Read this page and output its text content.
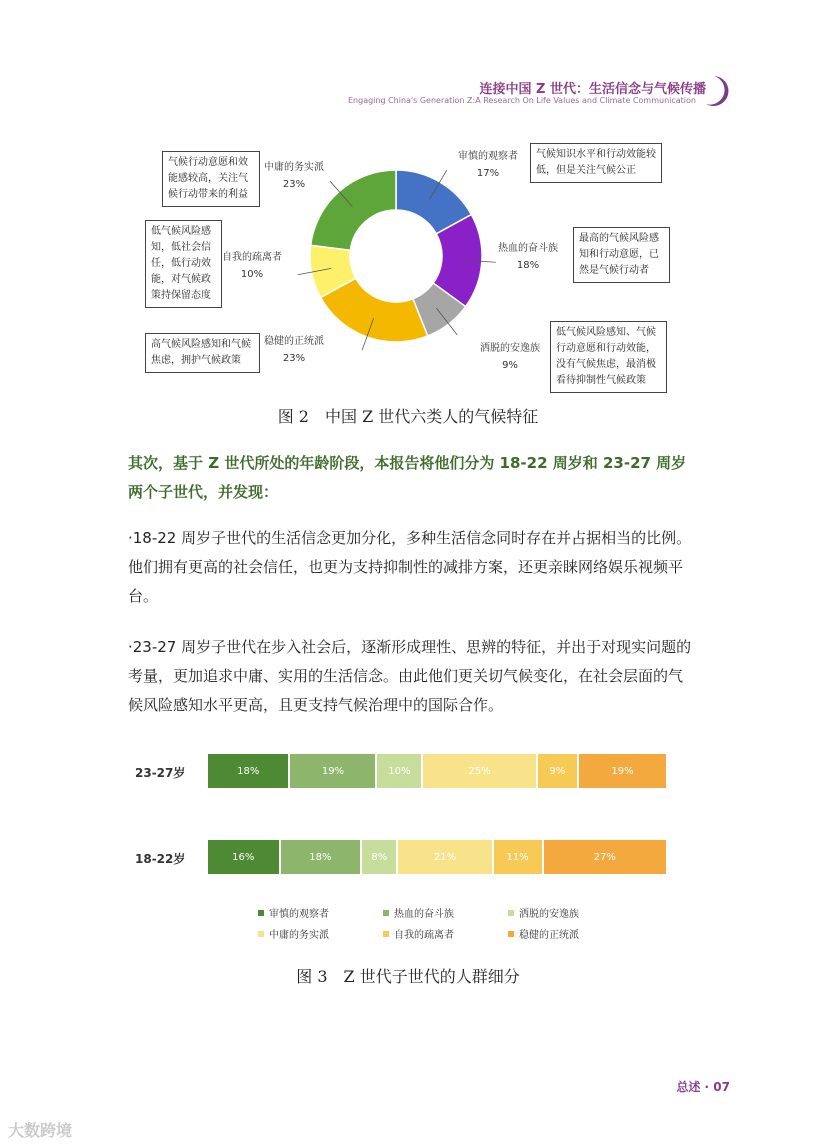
连接中国 Z 世代：生活信念与气候传播
Engaging China's Generation Z:A Research On Life Values and Climate Communication
审慎的观察者
17%
热血的奋斗族
18%
洒脱的安逸族
9%
稳健的正统派
23%
自我的疏离者
10%
中庸的务实派
23%
气候知识水平和行动效能较低，但是关注气候公正
最高的气候风险感知和行动意愿，已然是气候行动者
低气候风险感知、气候行动意愿和行动效能，没有气候焦虑，最消极看待抑制性气候政策
高气候风险感知和气候焦虑，拥护气候政策
低气候风险感知，低社会信任，低行动效能，对气候政策持保留态度
气候行动意愿和效能感较高，关注气候行动带来的利益
图 2　中国 Z 世代六类人的气候特征
其次，基于 Z 世代所处的年龄阶段，本报告将他们分为 18-22 周岁和 23-27 周岁两个子世代，并发现：
·18-22 周岁子世代的生活信念更加分化，多种生活信念同时存在并占据相当的比例。他们拥有更高的社会信任，也更为支持抑制性的减排方案，还更亲睐网络娱乐视频平台。
·23-27 周岁子世代在步入社会后，逐渐形成理性、思辨的特征，并出于对现实问题的考量，更加追求中庸、实用的生活信念。由此他们更关切气候变化，在社会层面的气候风险感知水平更高，且更支持气候治理中的国际合作。
23-27岁	18%	19%	10%	25%	9%	19%
18-22岁	16%	18%	8%	21%	11%	27%
审慎的观察者	热血的奋斗族	洒脱的安逸族
中庸的务实派	自我的疏离者	稳健的正统派
图 3　Z 世代子世代的人群细分
总述 · 07
大数跨境
